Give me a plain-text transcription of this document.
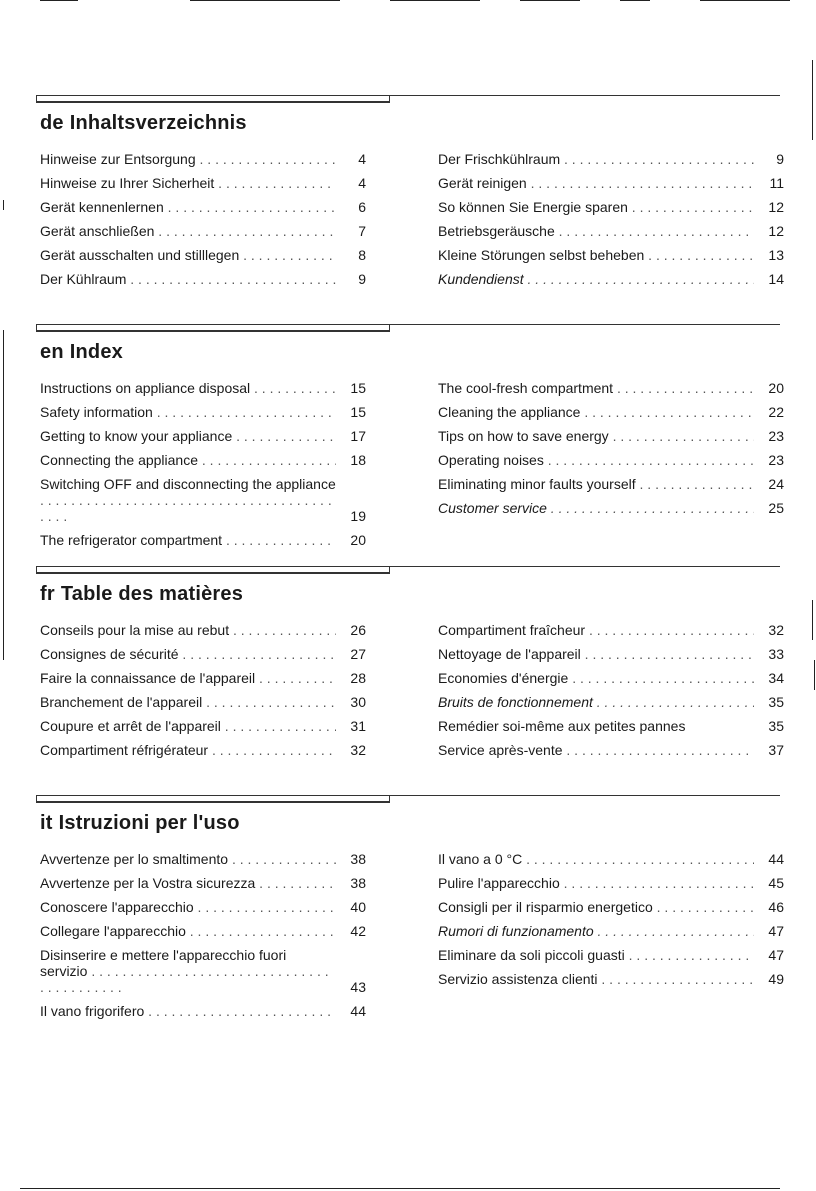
de Inhaltsverzeichnis
Hinweise zur Entsorgung . . .	4
Hinweise zu Ihrer Sicherheit . . .	4
Gerät kennenlernen . . .	6
Gerät anschließen . . .	7
Gerät ausschalten und stilllegen . . .	8
Der Kühlraum . . .	9
Der Frischkühlraum . . .	9
Gerät reinigen . . .	11
So können Sie Energie sparen . . .	12
Betriebsgeräusche . . .	12
Kleine Störungen selbst beheben . . .	13
Kundendienst . . .	14
en Index
Instructions on appliance disposal . . .	15
Safety information . . .	15
Getting to know your appliance . . .	17
Connecting the appliance . . .	18
Switching OFF and disconnecting the appliance . . .
19
The refrigerator compartment . . .	20
The cool-fresh compartment . . .	20
Cleaning the appliance . . .	22
Tips on how to save energy . . .	23
Operating noises . . .	23
Eliminating minor faults yourself . . .	24
Customer service . . .	25
fr Table des matières
Conseils pour la mise au rebut . . .	26
Consignes de sécurité . . .	27
Faire la connaissance de l'appareil . . .	28
Branchement de l'appareil . . .	30
Coupure et arrêt de l'appareil . . .	31
Compartiment réfrigérateur . . .	32
Compartiment fraîcheur . . .	32
Nettoyage de l'appareil . . .	33
Economies d'énergie . . .	34
Bruits de fonctionnement . . .	35
Remédier soi-même aux petites pannes	35
Service après-vente . . .	37
it Istruzioni per l'uso
Avvertenze per lo smaltimento . . .	38
Avvertenze per la Vostra sicurezza . . .	38
Conoscere l'apparecchio . . .	40
Collegare l'apparecchio . . .	42
Disinserire e mettere l'apparecchio fuori servizio . . .
43
Il vano frigorifero . . .	44
Il vano a 0 °C . . .	44
Pulire l'apparecchio . . .	45
Consigli per il risparmio energetico . . .	46
Rumori di funzionamento . . .	47
Eliminare da soli piccoli guasti . . .	47
Servizio assistenza clienti . . .	49
